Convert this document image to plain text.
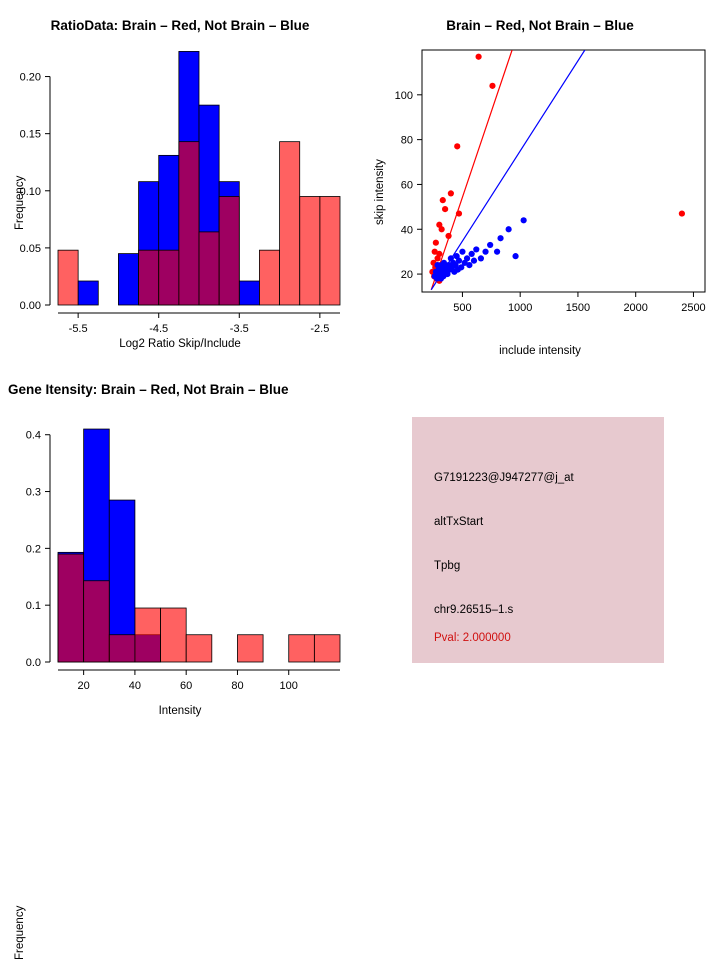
RatioData: Brain – Red, Not Brain – Blue
0.00
0.05
0.10
0.15
0.20
-5.5	-4.5	-3.5	-2.5
Log2 Ratio Skip/Include
Frequency
Brain – Red, Not Brain – Blue
20
40
60
80
100
500	1000	1500	2000	2500
include intensity
skip intensity
Gene Itensity: Brain – Red, Not Brain – Blue
0.0
0.1
0.2
0.3
0.4
20	40	60	80	100
Intensity
Frequency
G7191223@J947277@j_at
altTxStart
Tpbg
chr9.26515–1.s
Pval: 2.000000
